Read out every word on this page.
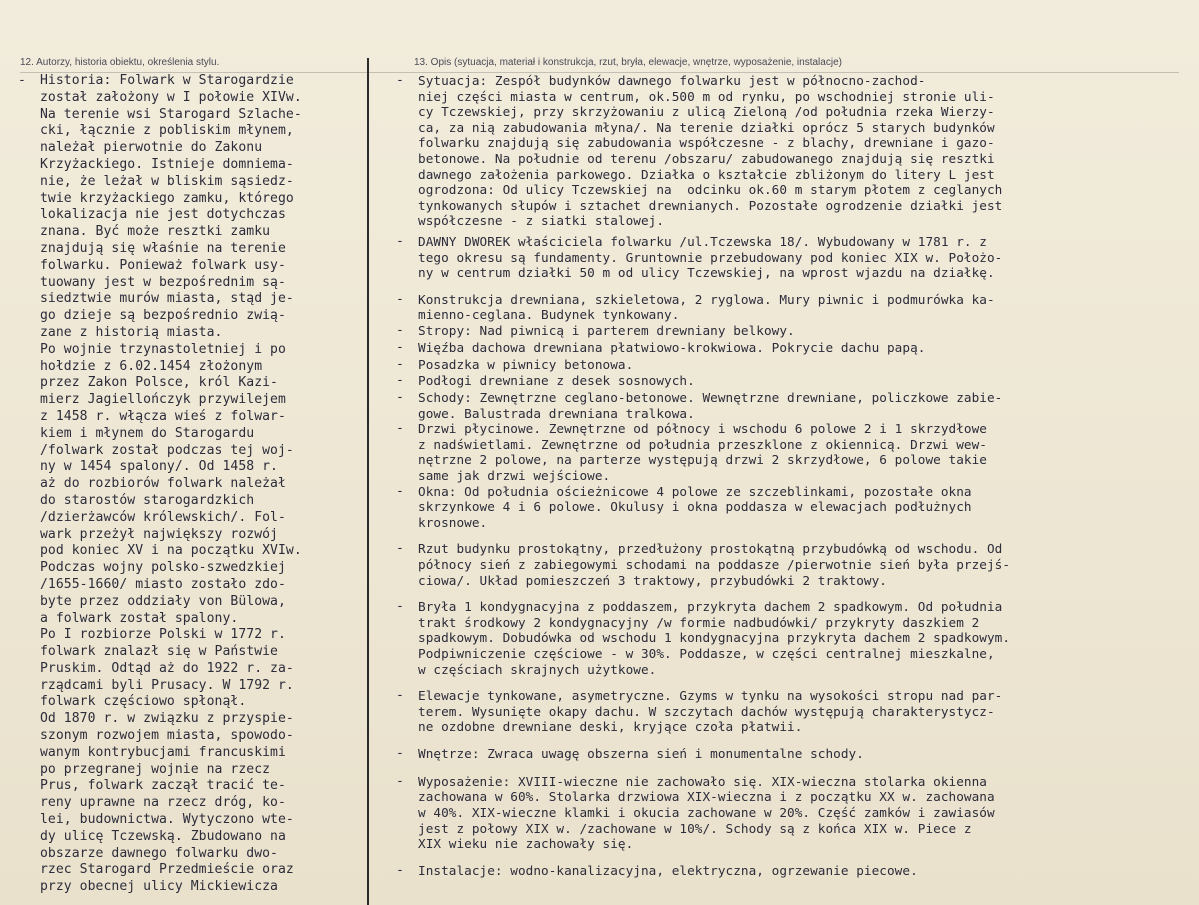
12. Autorzy, historia obiektu, określenia stylu.	13. Opis (sytuacja, materiał i konstrukcja, rzut, bryła, elewacje, wnętrze, wyposażenie, instalacje)
-	Historia: Folwark w Starogardzie
został założony w I połowie XIVw.
Na terenie wsi Starogard Szlache-
cki, łącznie z pobliskim młynem,
należał pierwotnie do Zakonu
Krzyżackiego. Istnieje domniema-
nie, że leżał w bliskim sąsiedz-
twie krzyżackiego zamku, którego
lokalizacja nie jest dotychczas
znana. Być może resztki zamku
znajdują się właśnie na terenie
folwarku. Ponieważ folwark usy-
tuowany jest w bezpośrednim są-
siedztwie murów miasta, stąd je-
go dzieje są bezpośrednio zwią-
zane z historią miasta.
Po wojnie trzynastoletniej i po
hołdzie z 6.02.1454 złożonym
przez Zakon Polsce, król Kazi-
mierz Jagiellończyk przywilejem
z 1458 r. włącza wieś z folwar-
kiem i młynem do Starogardu
/folwark został podczas tej woj-
ny w 1454 spalony/. Od 1458 r.
aż do rozbiorów folwark należał
do starostów starogardzkich
/dzierżawców królewskich/. Fol-
wark przeżył największy rozwój
pod koniec XV i na początku XVIw.
Podczas wojny polsko-szwedzkiej
/1655-1660/ miasto zostało zdo-
byte przez oddziały von Bülowa,
a folwark został spalony.
Po I rozbiorze Polski w 1772 r.
folwark znalazł się w Państwie
Pruskim. Odtąd aż do 1922 r. za-
rządcami byli Prusacy. W 1792 r.
folwark częściowo spłonął.
Od 1870 r. w związku z przyspie-
szonym rozwojem miasta, spowodo-
wanym kontrybucjami francuskimi
po przegranej wojnie na rzecz
Prus, folwark zaczął tracić te-
reny uprawne na rzecz dróg, ko-
lei, budownictwa. Wytyczono wte-
dy ulicę Tczewską. Zbudowano na
obszarze dawnego folwarku dwo-
rzec Starogard Przedmieście oraz
przy obecnej ulicy Mickiewicza
-	Sytuacja: Zespół budynków dawnego folwarku jest w północno-zachod-
niej części miasta w centrum, ok.500 m od rynku, po wschodniej stronie uli-
cy Tczewskiej, przy skrzyżowaniu z ulicą Zieloną /od południa rzeka Wierzy-
ca, za nią zabudowania młyna/. Na terenie działki oprócz 5 starych budynków
folwarku znajdują się zabudowania współczesne - z blachy, drewniane i gazo-
betonowe. Na południe od terenu /obszaru/ zabudowanego znajdują się resztki
dawnego założenia parkowego. Działka o kształcie zbliżonym do litery L jest
ogrodzona: Od ulicy Tczewskiej na  odcinku ok.60 m starym płotem z ceglanych
tynkowanych słupów i sztachet drewnianych. Pozostałe ogrodzenie działki jest
współczesne - z siatki stalowej.
-	DAWNY DWOREK właściciela folwarku /ul.Tczewska 18/. Wybudowany w 1781 r. z
tego okresu są fundamenty. Gruntownie przebudowany pod koniec XIX w. Położo-
ny w centrum działki 50 m od ulicy Tczewskiej, na wprost wjazdu na działkę.
-	Konstrukcja drewniana, szkieletowa, 2 ryglowa. Mury piwnic i podmurówka ka-
mienno-ceglana. Budynek tynkowany.
-	Stropy: Nad piwnicą i parterem drewniany belkowy.
-	Więźba dachowa drewniana płatwiowo-krokwiowa. Pokrycie dachu papą.
-	Posadzka w piwnicy betonowa.
-	Podłogi drewniane z desek sosnowych.
-	Schody: Zewnętrzne ceglano-betonowe. Wewnętrzne drewniane, policzkowe zabie-
gowe. Balustrada drewniana tralkowa.
-	Drzwi płycinowe. Zewnętrzne od północy i wschodu 6 polowe 2 i 1 skrzydłowe
z nadświetlami. Zewnętrzne od południa przeszklone z okiennicą. Drzwi wew-
nętrzne 2 polowe, na parterze występują drzwi 2 skrzydłowe, 6 polowe takie
same jak drzwi wejściowe.
-	Okna: Od południa ościeżnicowe 4 polowe ze szczeblinkami, pozostałe okna
skrzynkowe 4 i 6 polowe. Okulusy i okna poddasza w elewacjach podłużnych
krosnowe.
-	Rzut budynku prostokątny, przedłużony prostokątną przybudówką od wschodu. Od
północy sień z zabiegowymi schodami na poddasze /pierwotnie sień była przejś-
ciowa/. Układ pomieszczeń 3 traktowy, przybudówki 2 traktowy.
-	Bryła 1 kondygnacyjna z poddaszem, przykryta dachem 2 spadkowym. Od południa
trakt środkowy 2 kondygnacyjny /w formie nadbudówki/ przykryty daszkiem 2
spadkowym. Dobudówka od wschodu 1 kondygnacyjna przykryta dachem 2 spadkowym.
Podpiwniczenie częściowe - w 30%. Poddasze, w części centralnej mieszkalne,
w częściach skrajnych użytkowe.
-	Elewacje tynkowane, asymetryczne. Gzyms w tynku na wysokości stropu nad par-
terem. Wysunięte okapy dachu. W szczytach dachów występują charakterystycz-
ne ozdobne drewniane deski, kryjące czoła płatwii.
-	Wnętrze: Zwraca uwagę obszerna sień i monumentalne schody.
-	Wyposażenie: XVIII-wieczne nie zachowało się. XIX-wieczna stolarka okienna
zachowana w 60%. Stolarka drzwiowa XIX-wieczna i z początku XX w. zachowana
w 40%. XIX-wieczne klamki i okucia zachowane w 20%. Część zamków i zawiasów
jest z połowy XIX w. /zachowane w 10%/. Schody są z końca XIX w. Piece z
XIX wieku nie zachowały się.
-	Instalacje: wodno-kanalizacyjna, elektryczna, ogrzewanie piecowe.
